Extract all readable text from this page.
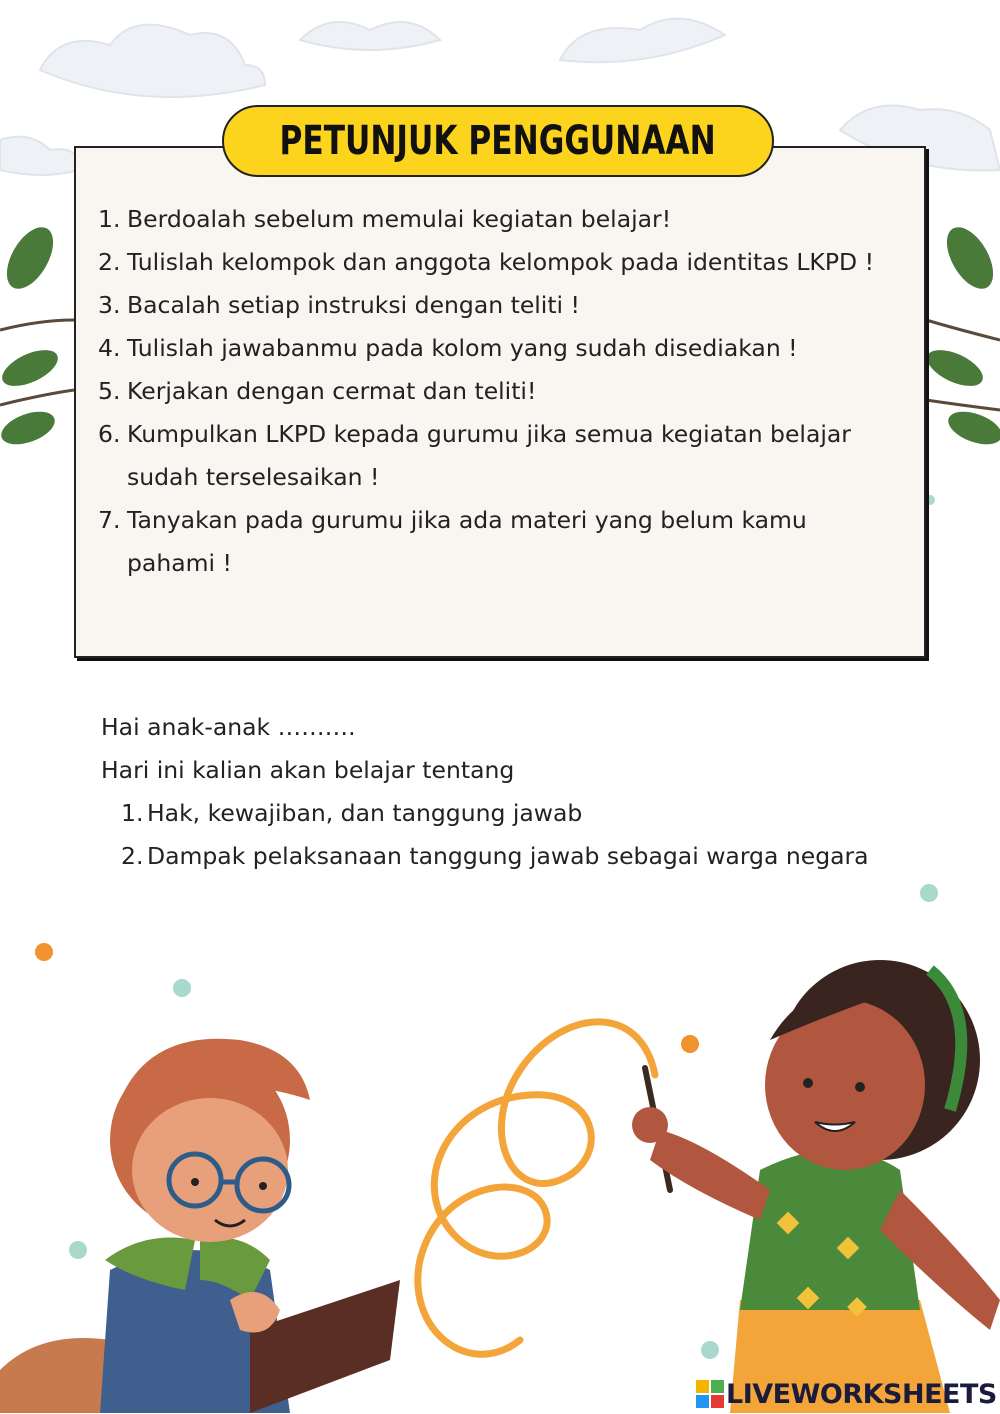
PETUNJUK PENGGUNAAN
1. Berdoalah sebelum memulai kegiatan belajar!
2. Tulislah kelompok dan anggota kelompok pada identitas LKPD !
3. Bacalah setiap instruksi dengan teliti !
4. Tulislah jawabanmu pada kolom yang sudah disediakan !
5. Kerjakan dengan cermat dan teliti!
6. Kumpulkan LKPD kepada gurumu jika semua kegiatan belajar sudah terselesaikan !
7. Tanyakan pada gurumu jika ada materi yang belum kamu pahami !

Hai anak-anak ……….

Hari ini kalian akan belajar tentang

1. Hak, kewajiban, dan tanggung jawab
2. Dampak pelaksanaan tanggung jawab sebagai warga negara
LIVEWORKSHEETS
